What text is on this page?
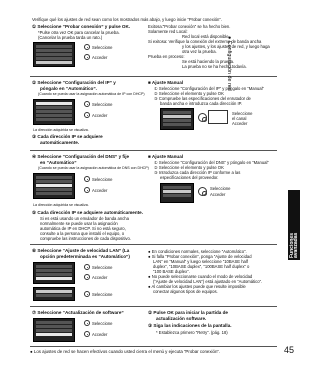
Verifique qué los ajustes de red sean como los mostrados más abajo, y luego inicie “Probar conexión”.
① Seleccione “Probar conexión” y pulse OK.
*Pulse otra vez OK para cancelar la prueba.
(Cancelar la prueba tarda un rato.)
Seleccione
Acceder
Exitosa:“Probar conexión” se ha hecho bien.
Solamente red Local:
Red local está disponible.
Si exitosa: Verifique la conexión del extremo de banda ancha
y los ajustes, y los ajustes de red, y luego haga
otra vez la prueba.
Prueba en proceso:
Se está haciendo la prueba.
La prueba no se ha hecho todavía.
② Seleccione “Configuración del IP” y
póngalo en “Automático”.
(Cuando se pueda usar la asignación automática de IP con DHCP)
Seleccione
Acceder
La dirección adquirida se visualiza.
■ Ajuste Manual
① Seleccione “Configuración del IP” y póngalo en “Manual”
② Seleccione el elemento y pulse OK
③ Compruebe las especificaciones del enrutador de
banda ancha e introduzca cada dirección IP.
Seleccione
el canal
Acceder
③ Cada dirección IP se adquiere
automáticamente.
④ Seleccione “Configuración del DNS” y fije
en “Automático”
(Cuando se pueda usar la asignación automática de DNS con DHCP)
Seleccione
Acceder
La dirección adquirida se visualiza.
■ Ajuste Manual
① Seleccione “Configuración del DNS” y póngalo en “Manual”
② Seleccione el elemento y pulse OK
③ Introduzca cada dirección IP conforme a las
especificaciones del proveedor.
Seleccione
Acceder
⑤ Cada dirección IP se adquiere automáticamente.
Si es está usando un emulador de banda ancha
normalmente se puede usar la asignación
automática de IP en DHCP. Si no está seguro,
consulte a la persona que instaló el equipo, o
compruebe las instrucciones de cada dispositivo.
⑥ Seleccione “Ajuste de velocidad LAN” (La
opción predeterminada es “Automático”)
Seleccione
Acceder
Seleccione
● En condiciones normales, seleccione “Automático”.
● Si falla “Probar conexión”, ponga “Ajuste de velocidad
LAN” en “Manual” y luego seleccione “10BASE half
duplex”, “10BASE duplex”, “100BASE half duplex” o
“100 BASE duplex”.
● No puede seleccionarse cuando el modo de velocidad
(“Ajuste de velocidad LAN”) está ajustado en “Automático”.
● Al cambiar los ajustes puede que resulte imposible
conectar algunos tipos de equipos.
⑦ Seleccione “Actualización de software”
Seleccione
Acceder
② Pulse OK para iniciar la partida de
actualización software.
③ Siga las indicaciones de la pantalla.
* Establezca primero “Retry”. (pág. 18)
● Los ajustes de red se hacen efectivos cuando usted cierra el menú y ejecuta “Probar conexión”.
● Configuración de red
Funciones
avanzadas
45
